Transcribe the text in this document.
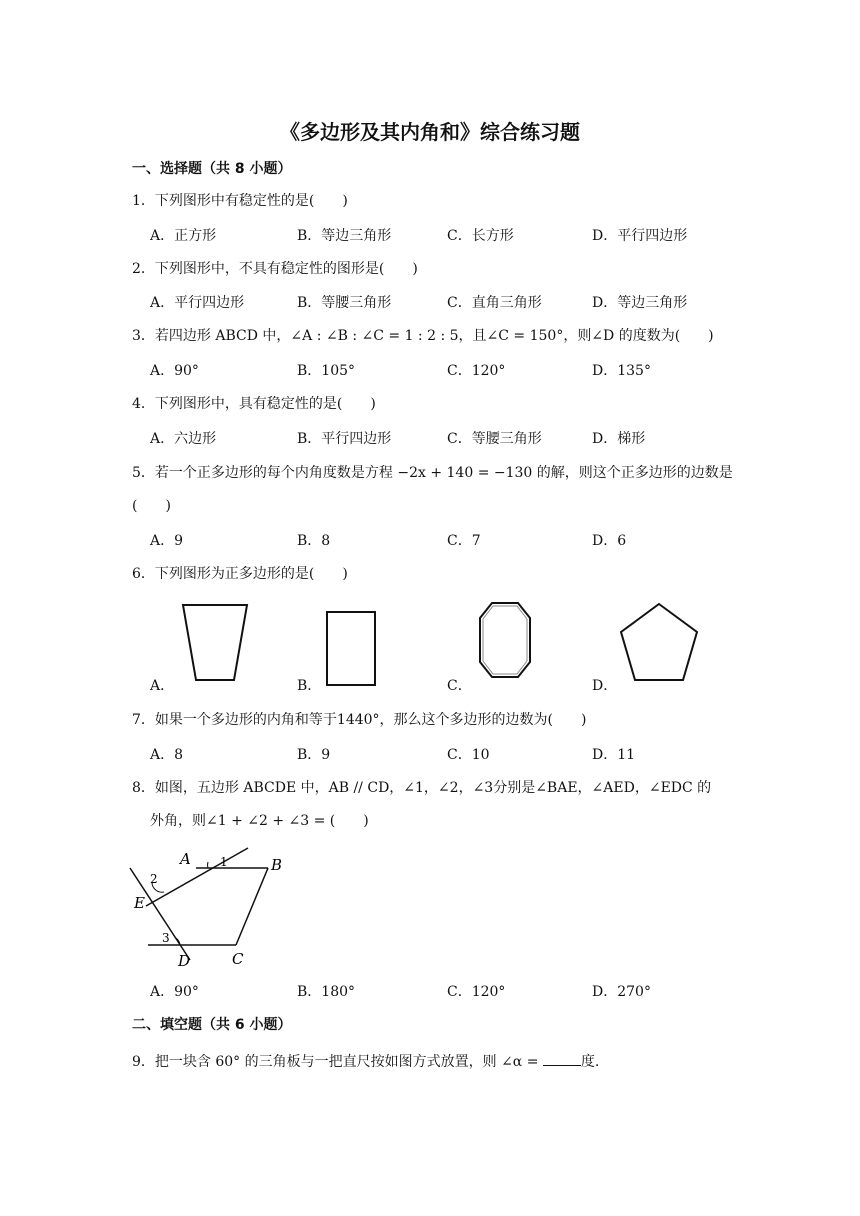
《多边形及其内角和》综合练习题
一、选择题（共 8 小题）
1．下列图形中有稳定性的是(　　)
A．正方形	B．等边三角形	C．长方形	D．平行四边形
2．下列图形中，不具有稳定性的图形是(　　)
A．平行四边形	B．等腰三角形	C．直角三角形	D．等边三角形
3．若四边形 ABCD 中，∠A : ∠B : ∠C = 1 : 2 : 5，且∠C = 150°，则∠D 的度数为(　　)
A．90°	B．105°	C．120°	D．135°
4．下列图形中，具有稳定性的是(　　)
A．六边形	B．平行四边形	C．等腰三角形	D．梯形
5．若一个正多边形的每个内角度数是方程 −2x + 140 = −130 的解，则这个正多边形的边数是
(　　)
A．9	B．8	C．7	D．6
6．下列图形为正多边形的是(　　)
A．	B．	C．	D．
7．如果一个多边形的内角和等于1440°，那么这个多边形的边数为(　　)
A．8	B．9	C．10	D．11
8．如图，五边形 ABCDE 中，AB // CD，∠1，∠2，∠3分别是∠BAE，∠AED，∠EDC 的
外角，则∠1 + ∠2 + ∠3 = (　　)
A 1	B
2
E
3
D	C
A．90°	B．180°	C．120°	D．270°
二、填空题（共 6 小题）
9．把一块含 60° 的三角板与一把直尺按如图方式放置，则 ∠α =	度.
